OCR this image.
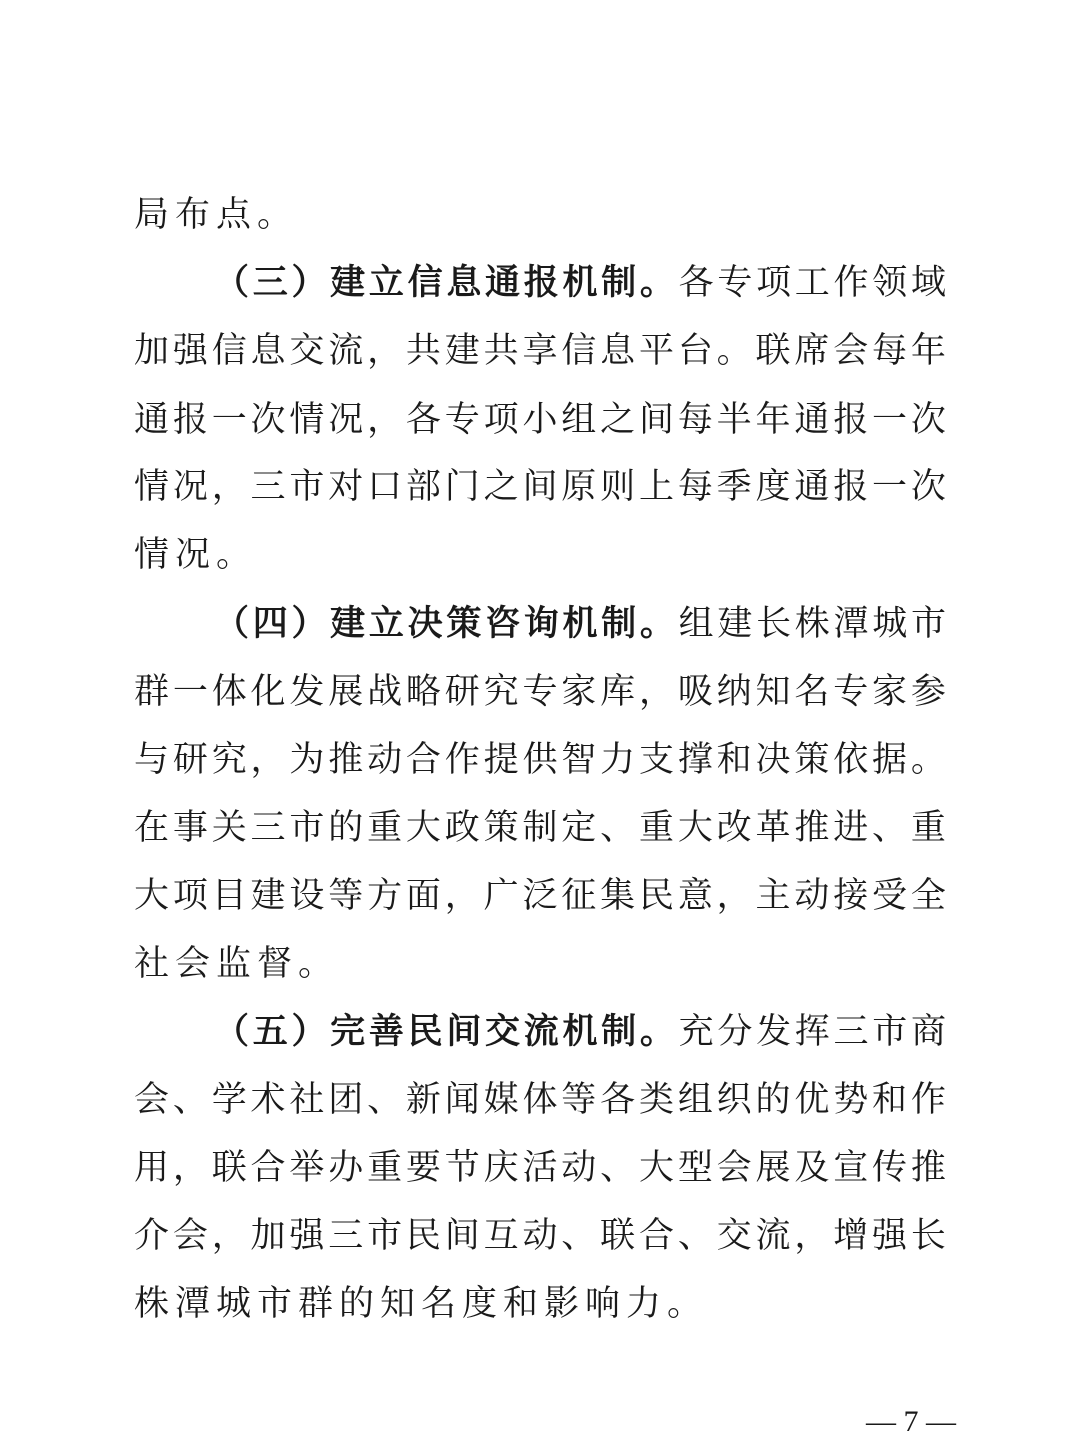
局布点。
（ 三 ） 建 立 信 息 通 报 机 制 。 各 专 项 工 作 领 域
加 强 信 息 交 流 ， 共 建 共 享 信 息 平 台 。 联 席 会 每 年
通 报 一 次 情 况 ， 各 专 项 小 组 之 间 每 半 年 通 报 一 次
情 况 ， 三 市 对 口 部 门 之 间 原 则 上 每 季 度 通 报 一 次
情况。
（ 四 ） 建 立 决 策 咨 询 机 制 。 组 建 长 株 潭 城 市
群 一 体 化 发 展 战 略 研 究 专 家 库 ， 吸 纳 知 名 专 家 参
与 研 究 ， 为 推 动 合 作 提 供 智 力 支 撑 和 决 策 依 据 。
在 事 关 三 市 的 重 大 政 策 制 定 、 重 大 改 革 推 进 、 重
大 项 目 建 设 等 方 面 ， 广 泛 征 集 民 意 ， 主 动 接 受 全
社会监督。
（ 五 ） 完 善 民 间 交 流 机 制 。 充 分 发 挥 三 市 商
会 、 学 术 社 团 、 新 闻 媒 体 等 各 类 组 织 的 优 势 和 作
用 ， 联 合 举 办 重 要 节 庆 活 动 、 大 型 会 展 及 宣 传 推
介 会 ， 加 强 三 市 民 间 互 动 、 联 合 、 交 流 ， 增 强 长
株潭城市群的知名度和影响力。
— 7 —
